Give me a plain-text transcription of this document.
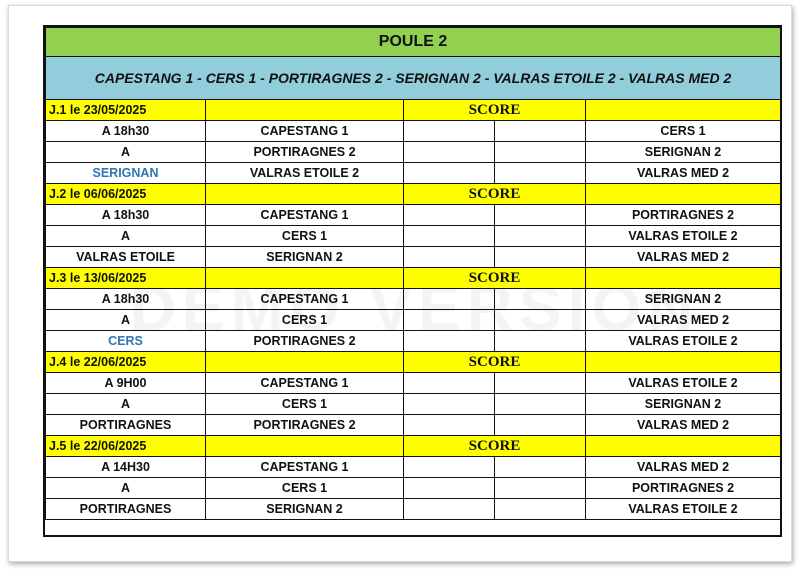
POULE 2				
CAPESTANG 1 - CERS 1 - PORTIRAGNES 2 - SERIGNAN 2 - VALRAS ETOILE 2 - VALRAS MED 2				
J.1 le 23/05/2025		SCORE		
A 18h30	CAPESTANG 1			CERS 1
A	PORTIRAGNES 2			SERIGNAN 2
SERIGNAN	VALRAS ETOILE 2			VALRAS MED 2
J.2 le 06/06/2025		SCORE		
A 18h30	CAPESTANG 1			PORTIRAGNES 2
A	CERS 1			VALRAS ETOILE 2
VALRAS ETOILE	SERIGNAN 2			VALRAS MED 2
J.3 le 13/06/2025		SCORE		
A 18h30	CAPESTANG 1			SERIGNAN 2
A	CERS 1			VALRAS MED 2
CERS	PORTIRAGNES 2			VALRAS ETOILE 2
J.4 le 22/06/2025		SCORE		
A 9H00	CAPESTANG 1			VALRAS ETOILE 2
A	CERS 1			SERIGNAN 2
PORTIRAGNES	PORTIRAGNES 2			VALRAS MED 2
J.5 le 22/06/2025		SCORE		
A 14H30	CAPESTANG 1			VALRAS MED 2
A	CERS 1			PORTIRAGNES 2
PORTIRAGNES	SERIGNAN 2			VALRAS ETOILE 2
